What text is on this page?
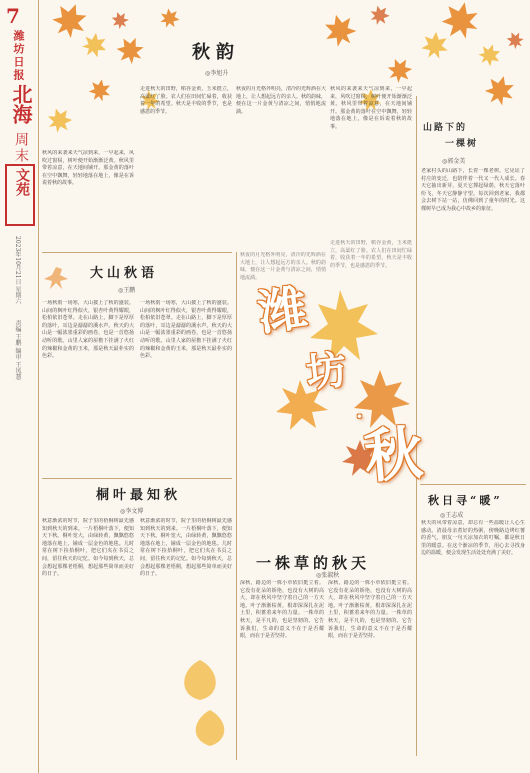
7
潍坊日报
北海
周末
文苑
2023年10月21日 星期六
责编 王鹏 编审 王凤慧
秋韵
◎李旭升
秋风的来袭来天气凉到来，一早起来，风吹过窗棂，树叶便开始渐渐泛黄。秋风里带着凉意，在天地间铺开。那金黄的落叶在空中飘舞，轻轻地落在地上，像是在诉说着秋的故事。
走进秋天的田野，稻谷金黄，玉米挺立，高粱红了脸。农人们在田间忙碌着，收获着一年的希望。秋天是丰收的季节，也是感恩的季节。
秋夜的月光格外明亮，清冷的光辉洒在大地上，让人想起远方的亲人。秋的韵味，便在这一片金黄与清凉之间，悄悄地流淌。
秋风的来袭来天气凉到来，一早起来，风吹过窗棂，树叶便开始渐渐泛黄。秋风里带着凉意，在天地间铺开。那金黄的落叶在空中飘舞，轻轻地落在地上，像是在诉说着秋的故事。	山路下的
一棵树
◎郭金美
老家村头的山路下，长着一棵老树。它见证了村庄的变迁，也陪伴着一代又一代人成长。春天它抽出新芽，夏天它撑起绿荫，秋天它落叶纷飞，冬天它静静守望。每次回到老家，我都会去树下站一站，仿佛回到了童年的时光。这棵树早已成为我心中故乡的象征。
大山秋语
◎王鹏
一场秋雨一场寒，大山披上了秋的盛装。山间的枫叶红得似火，银杏叶黄得耀眼，松柏依旧苍翠。走在山路上，脚下是厚厚的落叶，耳边是潺潺的溪水声。秋天的大山是一幅浓墨重彩的画卷，也是一首悠扬动听的歌。山里人家的屋檐下挂满了火红的辣椒和金黄的玉米，那是秋天最朴实的色彩。
一场秋雨一场寒，大山披上了秋的盛装。山间的枫叶红得似火，银杏叶黄得耀眼，松柏依旧苍翠。走在山路上，脚下是厚厚的落叶，耳边是潺潺的溪水声。秋天的大山是一幅浓墨重彩的画卷，也是一首悠扬动听的歌。山里人家的屋檐下挂满了火红的辣椒和金黄的玉米，那是秋天最朴实的色彩。
秋夜的月光格外明亮，清冷的光辉洒在大地上，让人想起远方的亲人。秋的韵味，便在这一片金黄与清凉之间，悄悄地流淌。
走进秋天的田野，稻谷金黄，玉米挺立，高粱红了脸。农人们在田间忙碌着，收获着一年的希望。秋天是丰收的季节，也是感恩的季节。
潍
坊
·
秋
桐叶最知秋
◎李文博
秋意渐浓的时节，院子里的梧桐树最先感知到秋天的到来。一片梧桐叶落下，便知天下秋。桐叶宽大，由绿转黄，飘飘悠悠地落在地上，铺成一层金色的地毯。儿时常在树下捡拾桐叶，把它们夹在书页之间，留住秋天的记忆。如今每到秋天，总会想起那棵老梧桐，想起那些简单而美好的日子。
秋意渐浓的时节，院子里的梧桐树最先感知到秋天的到来。一片梧桐叶落下，便知天下秋。桐叶宽大，由绿转黄，飘飘悠悠地落在地上，铺成一层金色的地毯。儿时常在树下捡拾桐叶，把它们夹在书页之间，留住秋天的记忆。如今每到秋天，总会想起那棵老梧桐，想起那些简单而美好的日子。
一株草的秋天
◎张淑秋
深秋，路边的一株小草依旧挺立着。它没有花朵的娇艳，也没有大树的高大，却在秋风中坚守着自己的一方天地。叶子渐渐枯黄，根却深深扎在泥土里，积蓄着来年的力量。一株草的秋天，是平凡的，也是坚韧的。它告诉我们，生命的意义不在于是否耀眼，而在于是否坚持。
深秋，路边的一株小草依旧挺立着。它没有花朵的娇艳，也没有大树的高大，却在秋风中坚守着自己的一方天地。叶子渐渐枯黄，根却深深扎在泥土里，积蓄着来年的力量。一株草的秋天，是平凡的，也是坚韧的。它告诉我们，生命的意义不在于是否耀眼，而在于是否坚持。
秋日寻“暖”
◎王志成
秋天的风带着凉意，却总有一些温暖让人心生感动。清晨母亲煮好的热粥，傍晚路边烤红薯的香气，朋友一句天凉加衣的叮嘱，都是秋日里的暖意。在这个渐凉的季节，用心去寻找身边的温暖，便会发现生活处处充满了美好。
